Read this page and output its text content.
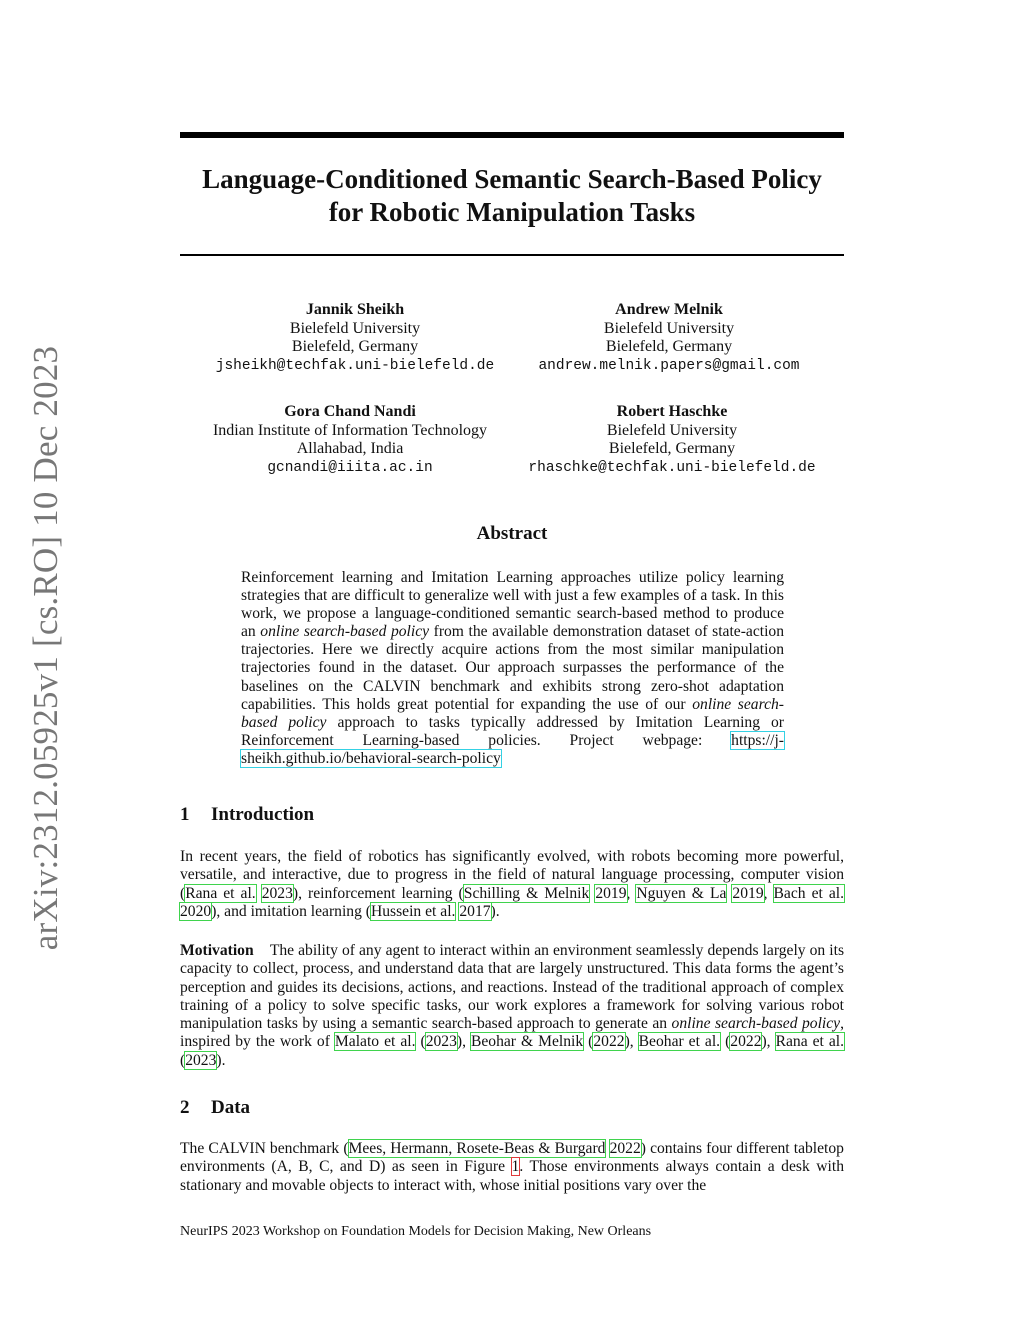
Language-Conditioned Semantic Search-Based Policy
for Robotic Manipulation Tasks
arXiv:2312.05925v1 [cs.RO] 10 Dec 2023
Jannik Sheikh
Bielefeld University
Bielefeld, Germany
jsheikh@techfak.uni-bielefeld.de
Andrew Melnik
Bielefeld University
Bielefeld, Germany
andrew.melnik.papers@gmail.com
Gora Chand Nandi
Indian Institute of Information Technology
Allahabad, India
gcnandi@iiita.ac.in
Robert Haschke
Bielefeld University
Bielefeld, Germany
rhaschke@techfak.uni-bielefeld.de
Abstract
Reinforcement learning and Imitation Learning approaches utilize policy learning strategies that are difficult to generalize well with just a few examples of a task. In this work, we propose a language-conditioned semantic search-based method to produce an online search-based policy from the available demonstration dataset of state-action trajectories. Here we directly acquire actions from the most similar manipulation trajectories found in the dataset. Our approach surpasses the performance of the baselines on the CALVIN benchmark and exhibits strong zero-shot adaptation capabilities. This holds great potential for expanding the use of our online search-based policy approach to tasks typically addressed by Imitation Learning or Reinforcement Learning-based policies. Project webpage: https://j-sheikh.github.io/behavioral-search-policy
1 Introduction
In recent years, the field of robotics has significantly evolved, with robots becoming more powerful, versatile, and interactive, due to progress in the field of natural language processing, computer vision (Rana et al. 2023), reinforcement learning (Schilling & Melnik 2019, Nguyen & La 2019, Bach et al. 2020), and imitation learning (Hussein et al. 2017).
Motivation The ability of any agent to interact within an environment seamlessly depends largely on its capacity to collect, process, and understand data that are largely unstructured. This data forms the agent’s perception and guides its decisions, actions, and reactions. Instead of the traditional approach of complex training of a policy to solve specific tasks, our work explores a framework for solving various robot manipulation tasks by using a semantic search-based approach to generate an online search-based policy, inspired by the work of Malato et al. (2023), Beohar & Melnik (2022), Beohar et al. (2022), Rana et al. (2023).
2 Data
The CALVIN benchmark (Mees, Hermann, Rosete-Beas & Burgard 2022) contains four different tabletop environments (A, B, C, and D) as seen in Figure 1. Those environments always contain a desk with stationary and movable objects to interact with, whose initial positions vary over the
NeurIPS 2023 Workshop on Foundation Models for Decision Making, New Orleans
